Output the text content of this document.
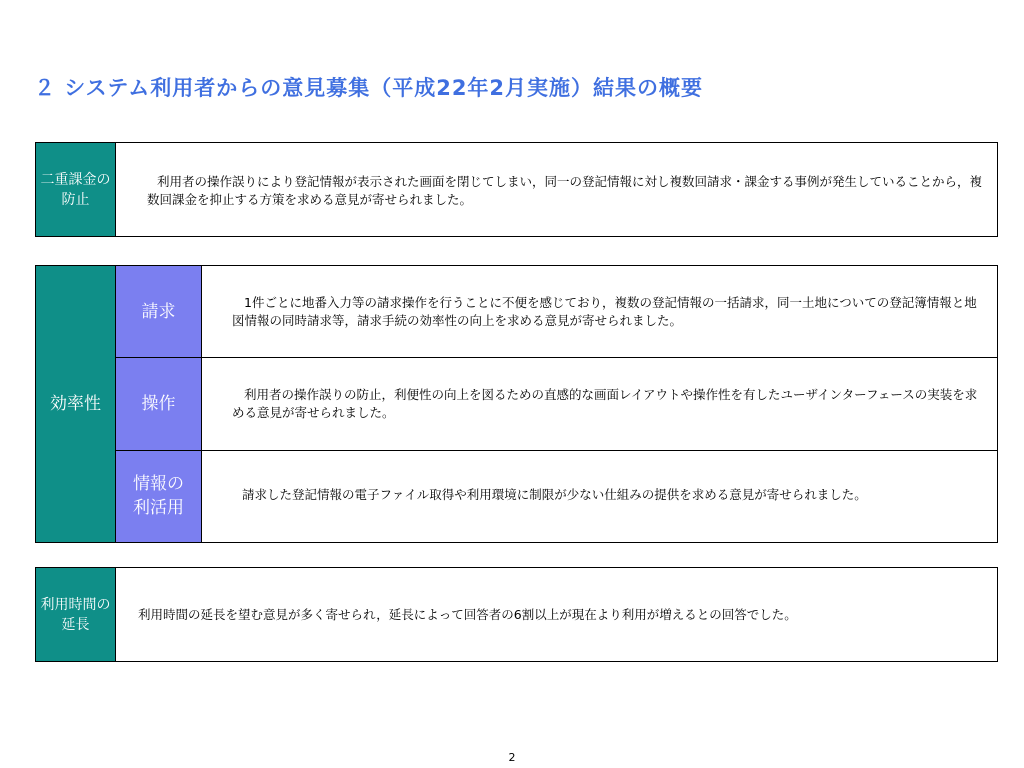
２ システム利用者からの意見募集（平成22年2月実施）結果の概要
二重課金の防止
利用者の操作誤りにより登記情報が表示された画面を閉じてしまい，同一の登記情報に対し複数回請求・課金する事例が発生していることから，複数回課金を抑止する方策を求める意見が寄せられました。
効率性
請求	1件ごとに地番入力等の請求操作を行うことに不便を感じており，複数の登記情報の一括請求，同一土地についての登記簿情報と地図情報の同時請求等，請求手続の効率性の向上を求める意見が寄せられました。
操作	利用者の操作誤りの防止，利便性の向上を図るための直感的な画面レイアウトや操作性を有したユーザインターフェースの実装を求める意見が寄せられました。
情報の利活用
請求した登記情報の電子ファイル取得や利用環境に制限が少ない仕組みの提供を求める意見が寄せられました。
利用時間の延長
利用時間の延長を望む意見が多く寄せられ，延長によって回答者の6割以上が現在より利用が増えるとの回答でした。
2
